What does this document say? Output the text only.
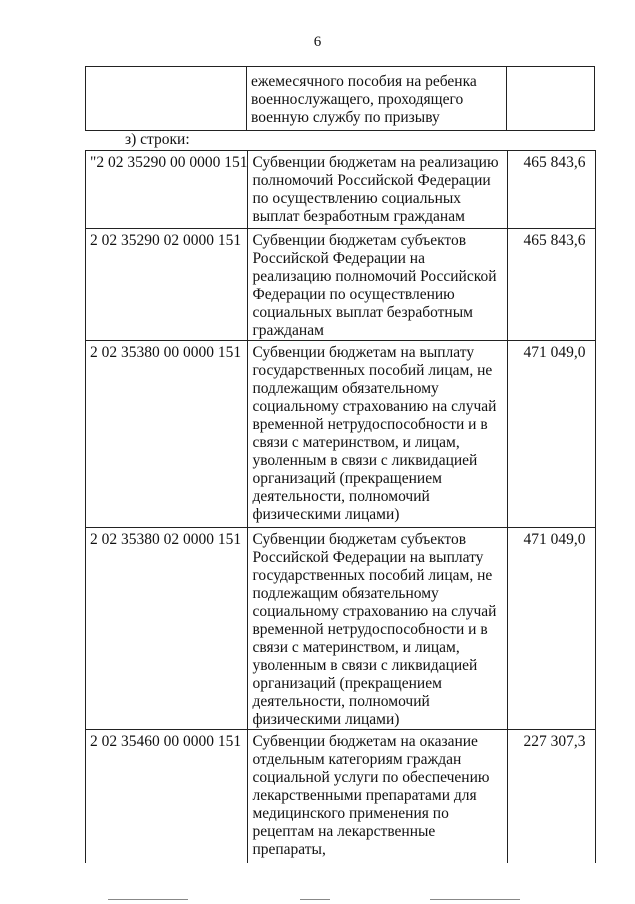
6
	ежемесячного пособия на ребенка военнослужащего, проходящего военную службу по призыву	
з) строки:
"2 02 35290 00 0000 151	Субвенции бюджетам на реализацию полномочий Российской Федерации по осуществлению социальных выплат безработным гражданам	465 843,6
2 02 35290 02 0000 151	Субвенции бюджетам субъектов Российской Федерации на реализацию полномочий Российской Федерации по осуществлению социальных выплат безработным гражданам	465 843,6
2 02 35380 00 0000 151	Субвенции бюджетам на выплату государственных пособий лицам, не подлежащим обязательному социальному страхованию на случай временной нетрудоспособности и в связи с материнством, и лицам, уволенным в связи с ликвидацией организаций (прекращением деятельности, полномочий физическими лицами)	471 049,0
2 02 35380 02 0000 151	Субвенции бюджетам субъектов Российской Федерации на выплату государственных пособий лицам, не подлежащим обязательному социальному страхованию на случай временной нетрудоспособности и в связи с материнством, и лицам, уволенным в связи с ликвидацией организаций (прекращением деятельности, полномочий физическими лицами)	471 049,0
2 02 35460 00 0000 151	Субвенции бюджетам на оказание отдельным категориям граждан социальной услуги по обеспечению лекарственными препаратами для медицинского применения по рецептам на лекарственные препараты,	227 307,3
